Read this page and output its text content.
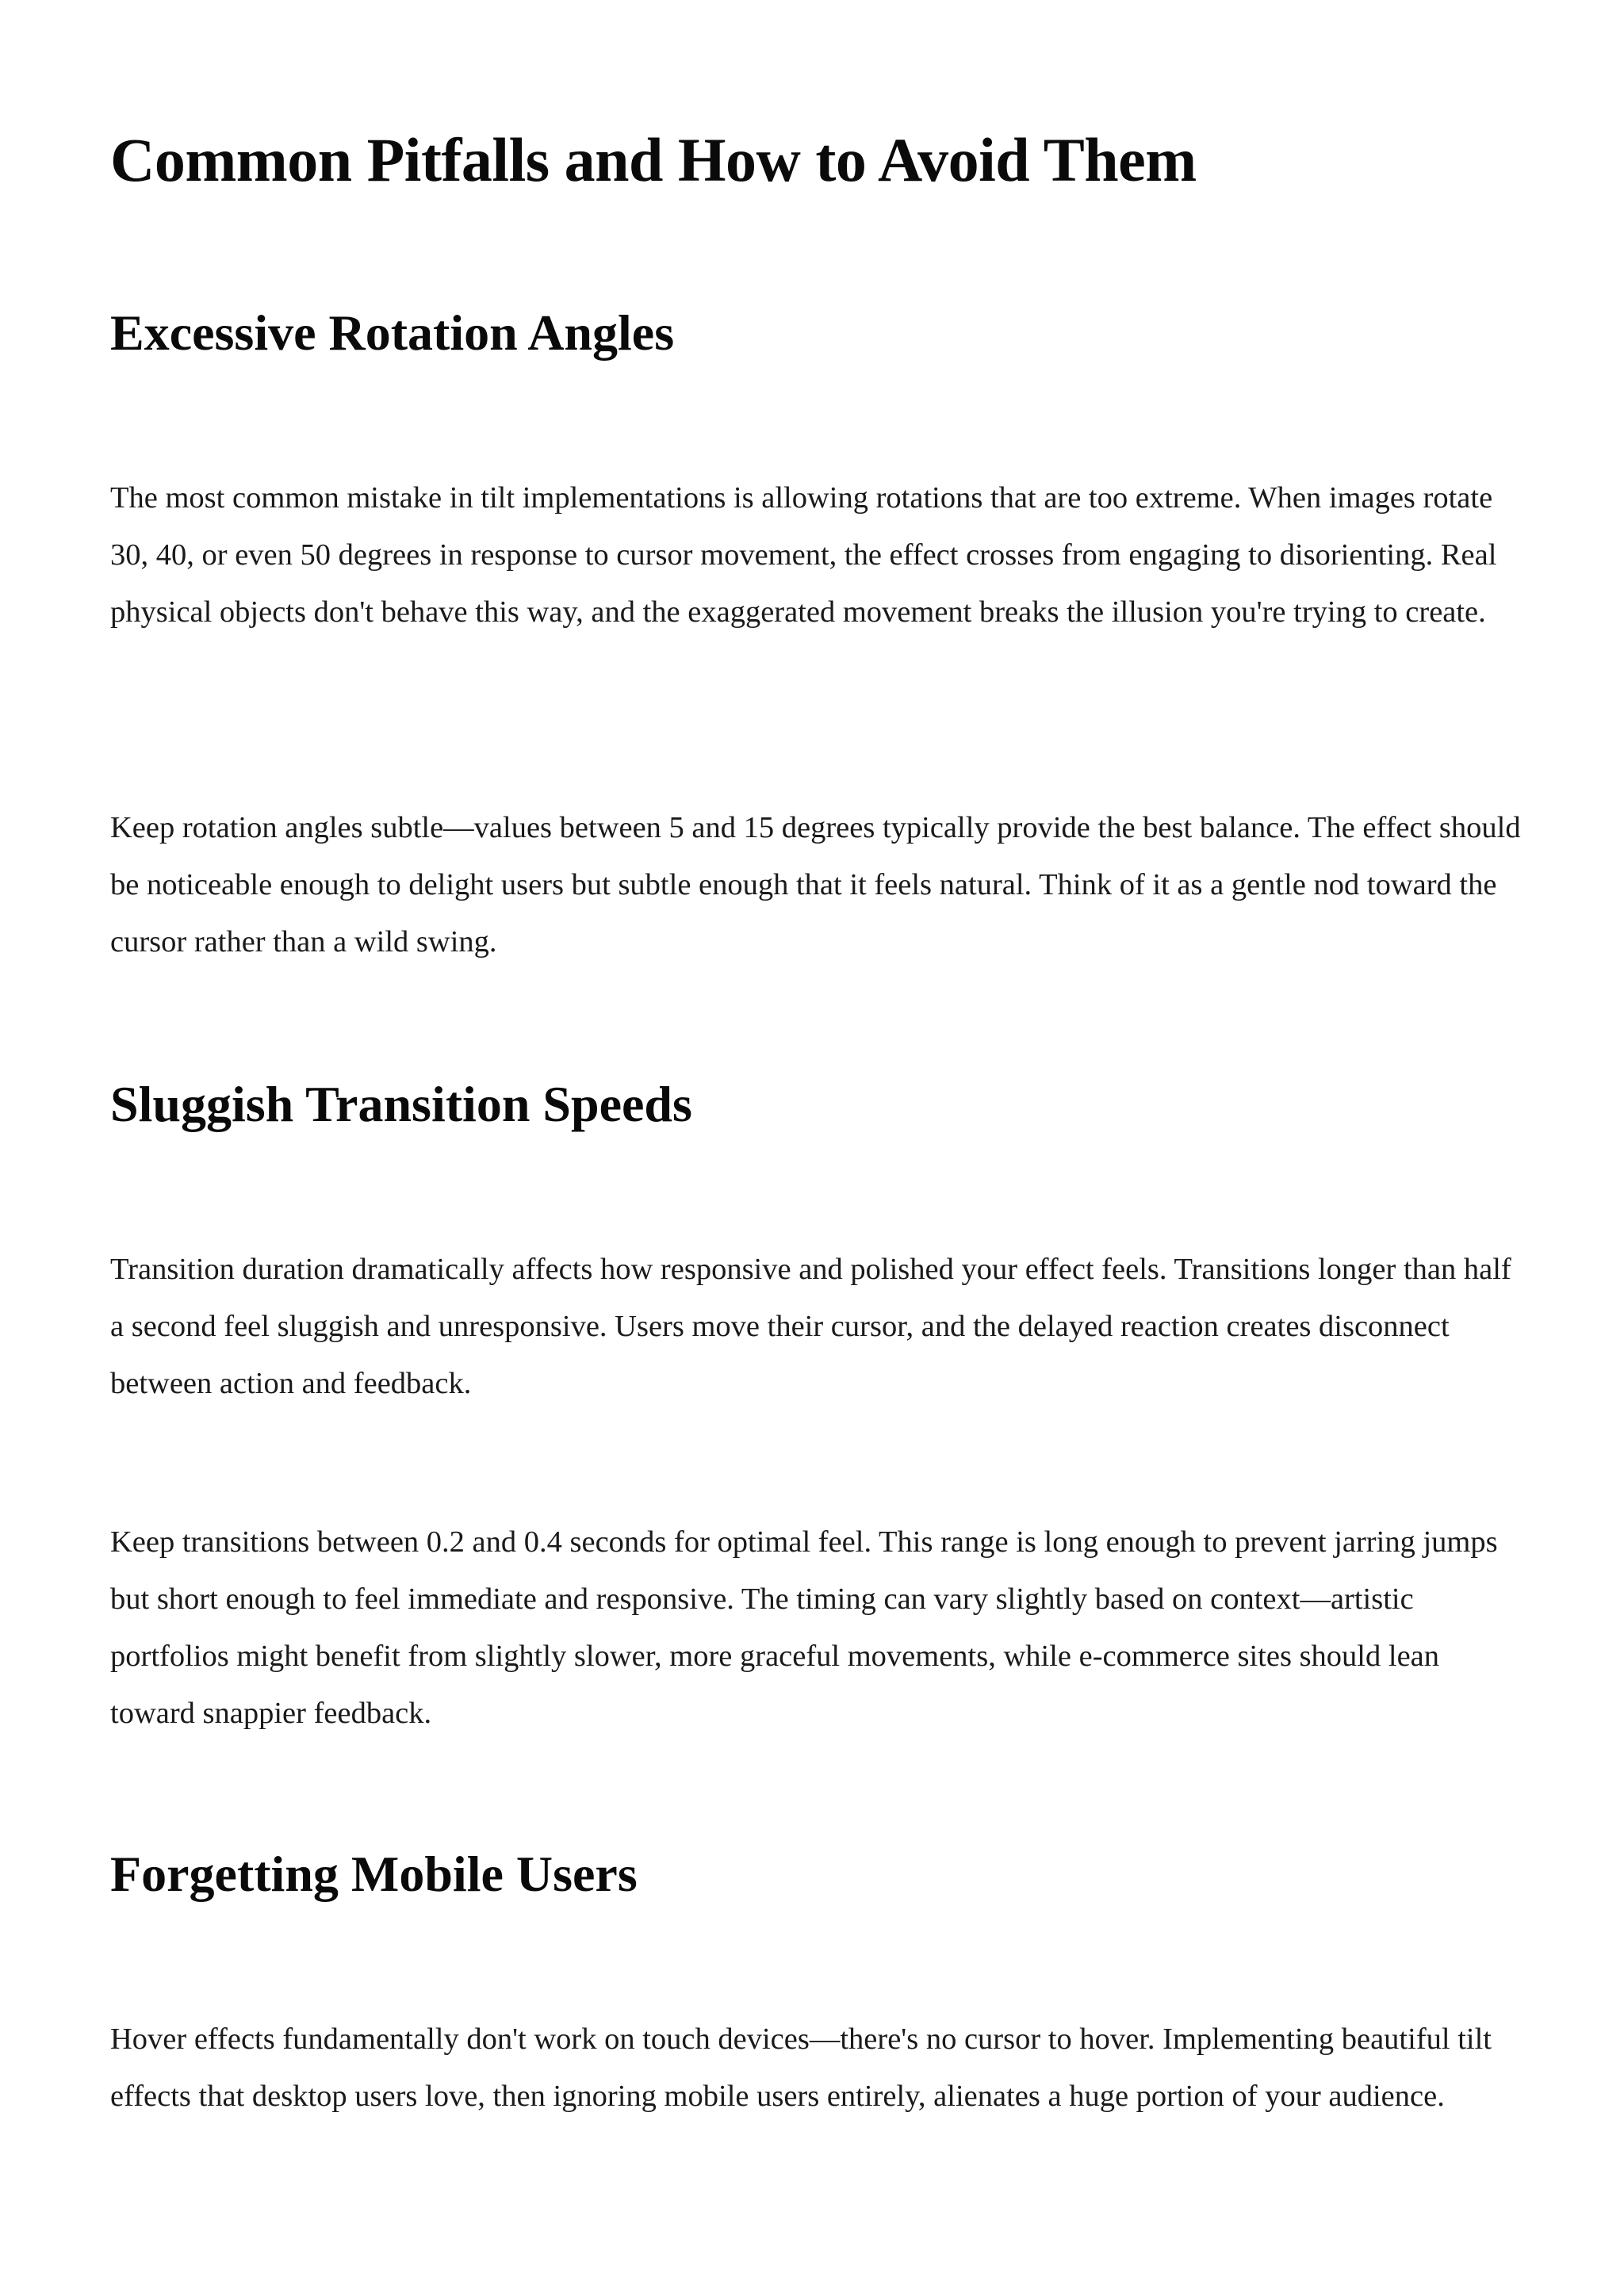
Common Pitfalls and How to Avoid Them
Excessive Rotation Angles

The most common mistake in tilt implementations is allowing rotations that are too extreme. When images rotate 30, 40, or even 50 degrees in response to cursor movement, the effect crosses from engaging to disorienting. Real physical objects don't behave this way, and the exaggerated movement breaks the illusion you're trying to create.

Keep rotation angles subtle—values between 5 and 15 degrees typically provide the best balance. The effect should be noticeable enough to delight users but subtle enough that it feels natural. Think of it as a gentle nod toward the cursor rather than a wild swing.

Sluggish Transition Speeds

Transition duration dramatically affects how responsive and polished your effect feels. Transitions longer than half a second feel sluggish and unresponsive. Users move their cursor, and the delayed reaction creates disconnect between action and feedback.

Keep transitions between 0.2 and 0.4 seconds for optimal feel. This range is long enough to prevent jarring jumps but short enough to feel immediate and responsive. The timing can vary slightly based on context—artistic portfolios might benefit from slightly slower, more graceful movements, while e-commerce sites should lean toward snappier feedback.

Forgetting Mobile Users

Hover effects fundamentally don't work on touch devices—there's no cursor to hover. Implementing beautiful tilt effects that desktop users love, then ignoring mobile users entirely, alienates a huge portion of your audience.
